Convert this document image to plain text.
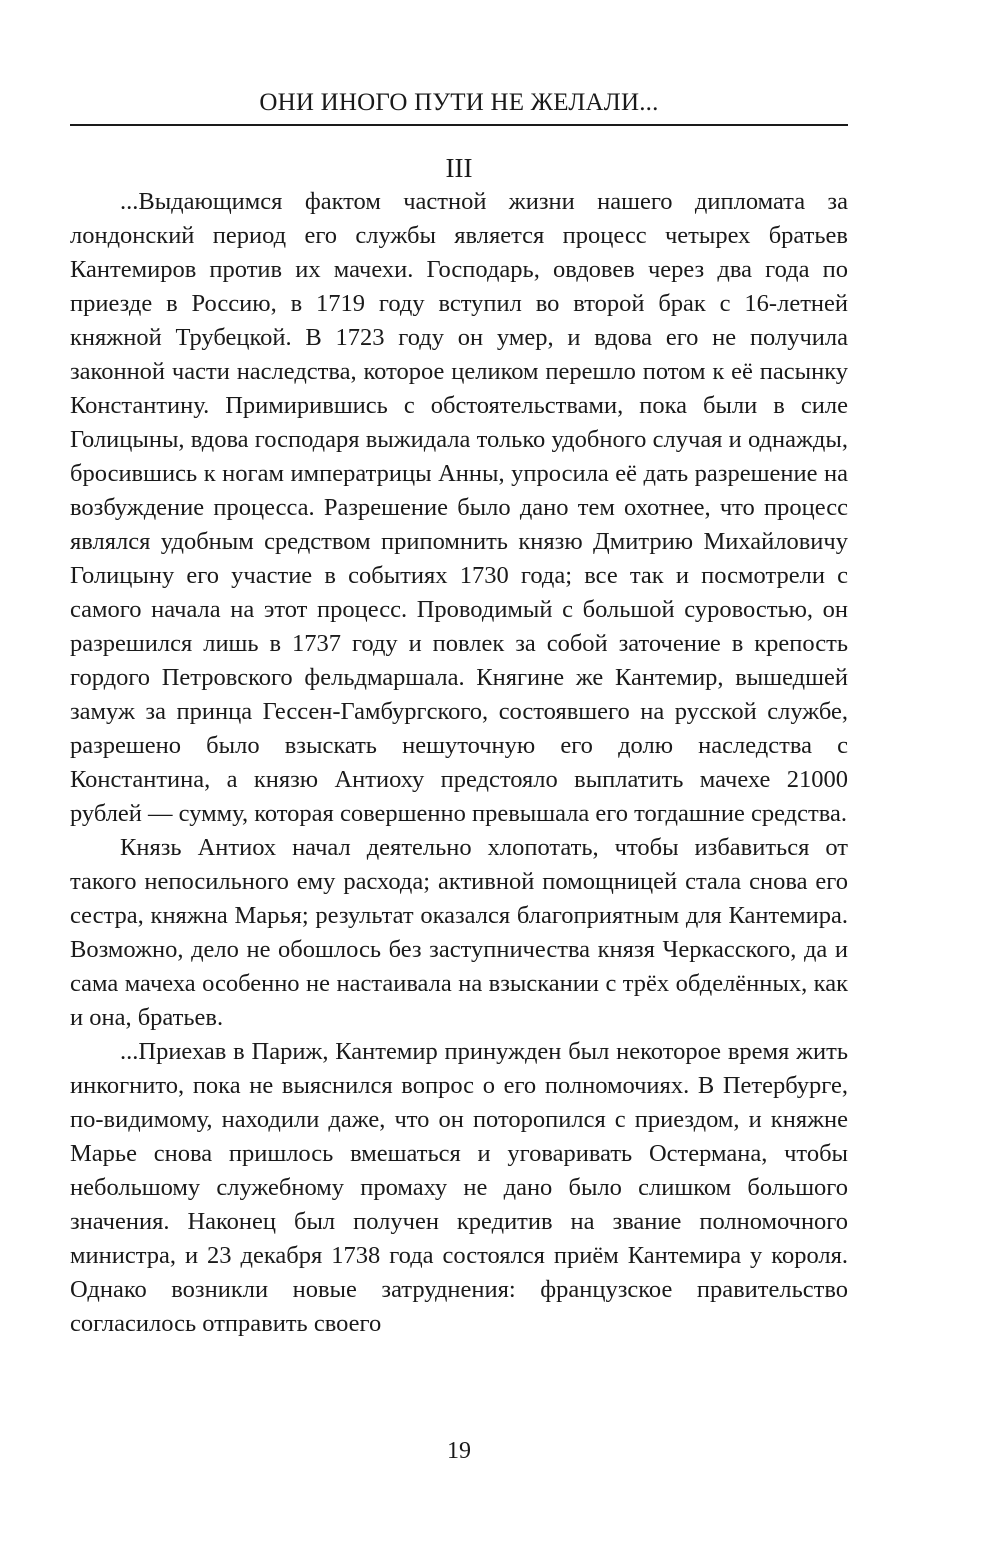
ОНИ ИНОГО ПУТИ НЕ ЖЕЛАЛИ...
III

...Выдающимся фактом частной жизни нашего дипломата за лондонский период его службы является процесс четырех братьев Кантемиров против их мачехи. Господарь, овдовев через два года по приезде в Россию, в 1719 году вступил во второй брак с 16-летней княжной Трубецкой. В 1723 году он умер, и вдова его не получила законной части наследства, которое целиком перешло потом к её пасынку Константину. Примирившись с обстоятельствами, пока были в силе Голицыны, вдова господаря выжидала только удобного случая и однажды, бросившись к ногам императрицы Анны, упросила её дать разрешение на возбуждение процесса. Разрешение было дано тем охотнее, что процесс являлся удобным средством припомнить князю Дмитрию Михайловичу Голицыну его участие в событиях 1730 года; все так и посмотрели с самого начала на этот процесс. Проводимый с большой суровостью, он разрешился лишь в 1737 году и повлек за собой заточение в крепость гордого Петровского фельдмаршала. Княгине же Кантемир, вышедшей замуж за принца Гессен-Гамбургского, состоявшего на русской службе, разрешено было взыскать нешуточную его долю наследства с Константина, а князю Антиоху предстояло выплатить мачехе 21000 рублей — сумму, которая совершенно превышала его тогдашние средства.

Князь Антиох начал деятельно хлопотать, чтобы избавиться от такого непосильного ему расхода; активной помощницей стала снова его сестра, княжна Марья; результат оказался благоприятным для Кантемира. Возможно, дело не обошлось без заступничества князя Черкасского, да и сама мачеха особенно не настаивала на взыскании с трёх обделённых, как и она, братьев.

...Приехав в Париж, Кантемир принужден был некоторое время жить инкогнито, пока не выяснился вопрос о его полномочиях. В Петербурге, по-видимому, находили даже, что он поторопился с приездом, и княжне Марье снова пришлось вмешаться и уговаривать Остермана, чтобы небольшому служебному промаху не дано было слишком большого значения. Наконец был получен кредитив на звание полномочного министра, и 23 декабря 1738 года состоялся приём Кантемира у короля. Однако возникли новые затруднения: французское правительство согласилось отправить своего

19
